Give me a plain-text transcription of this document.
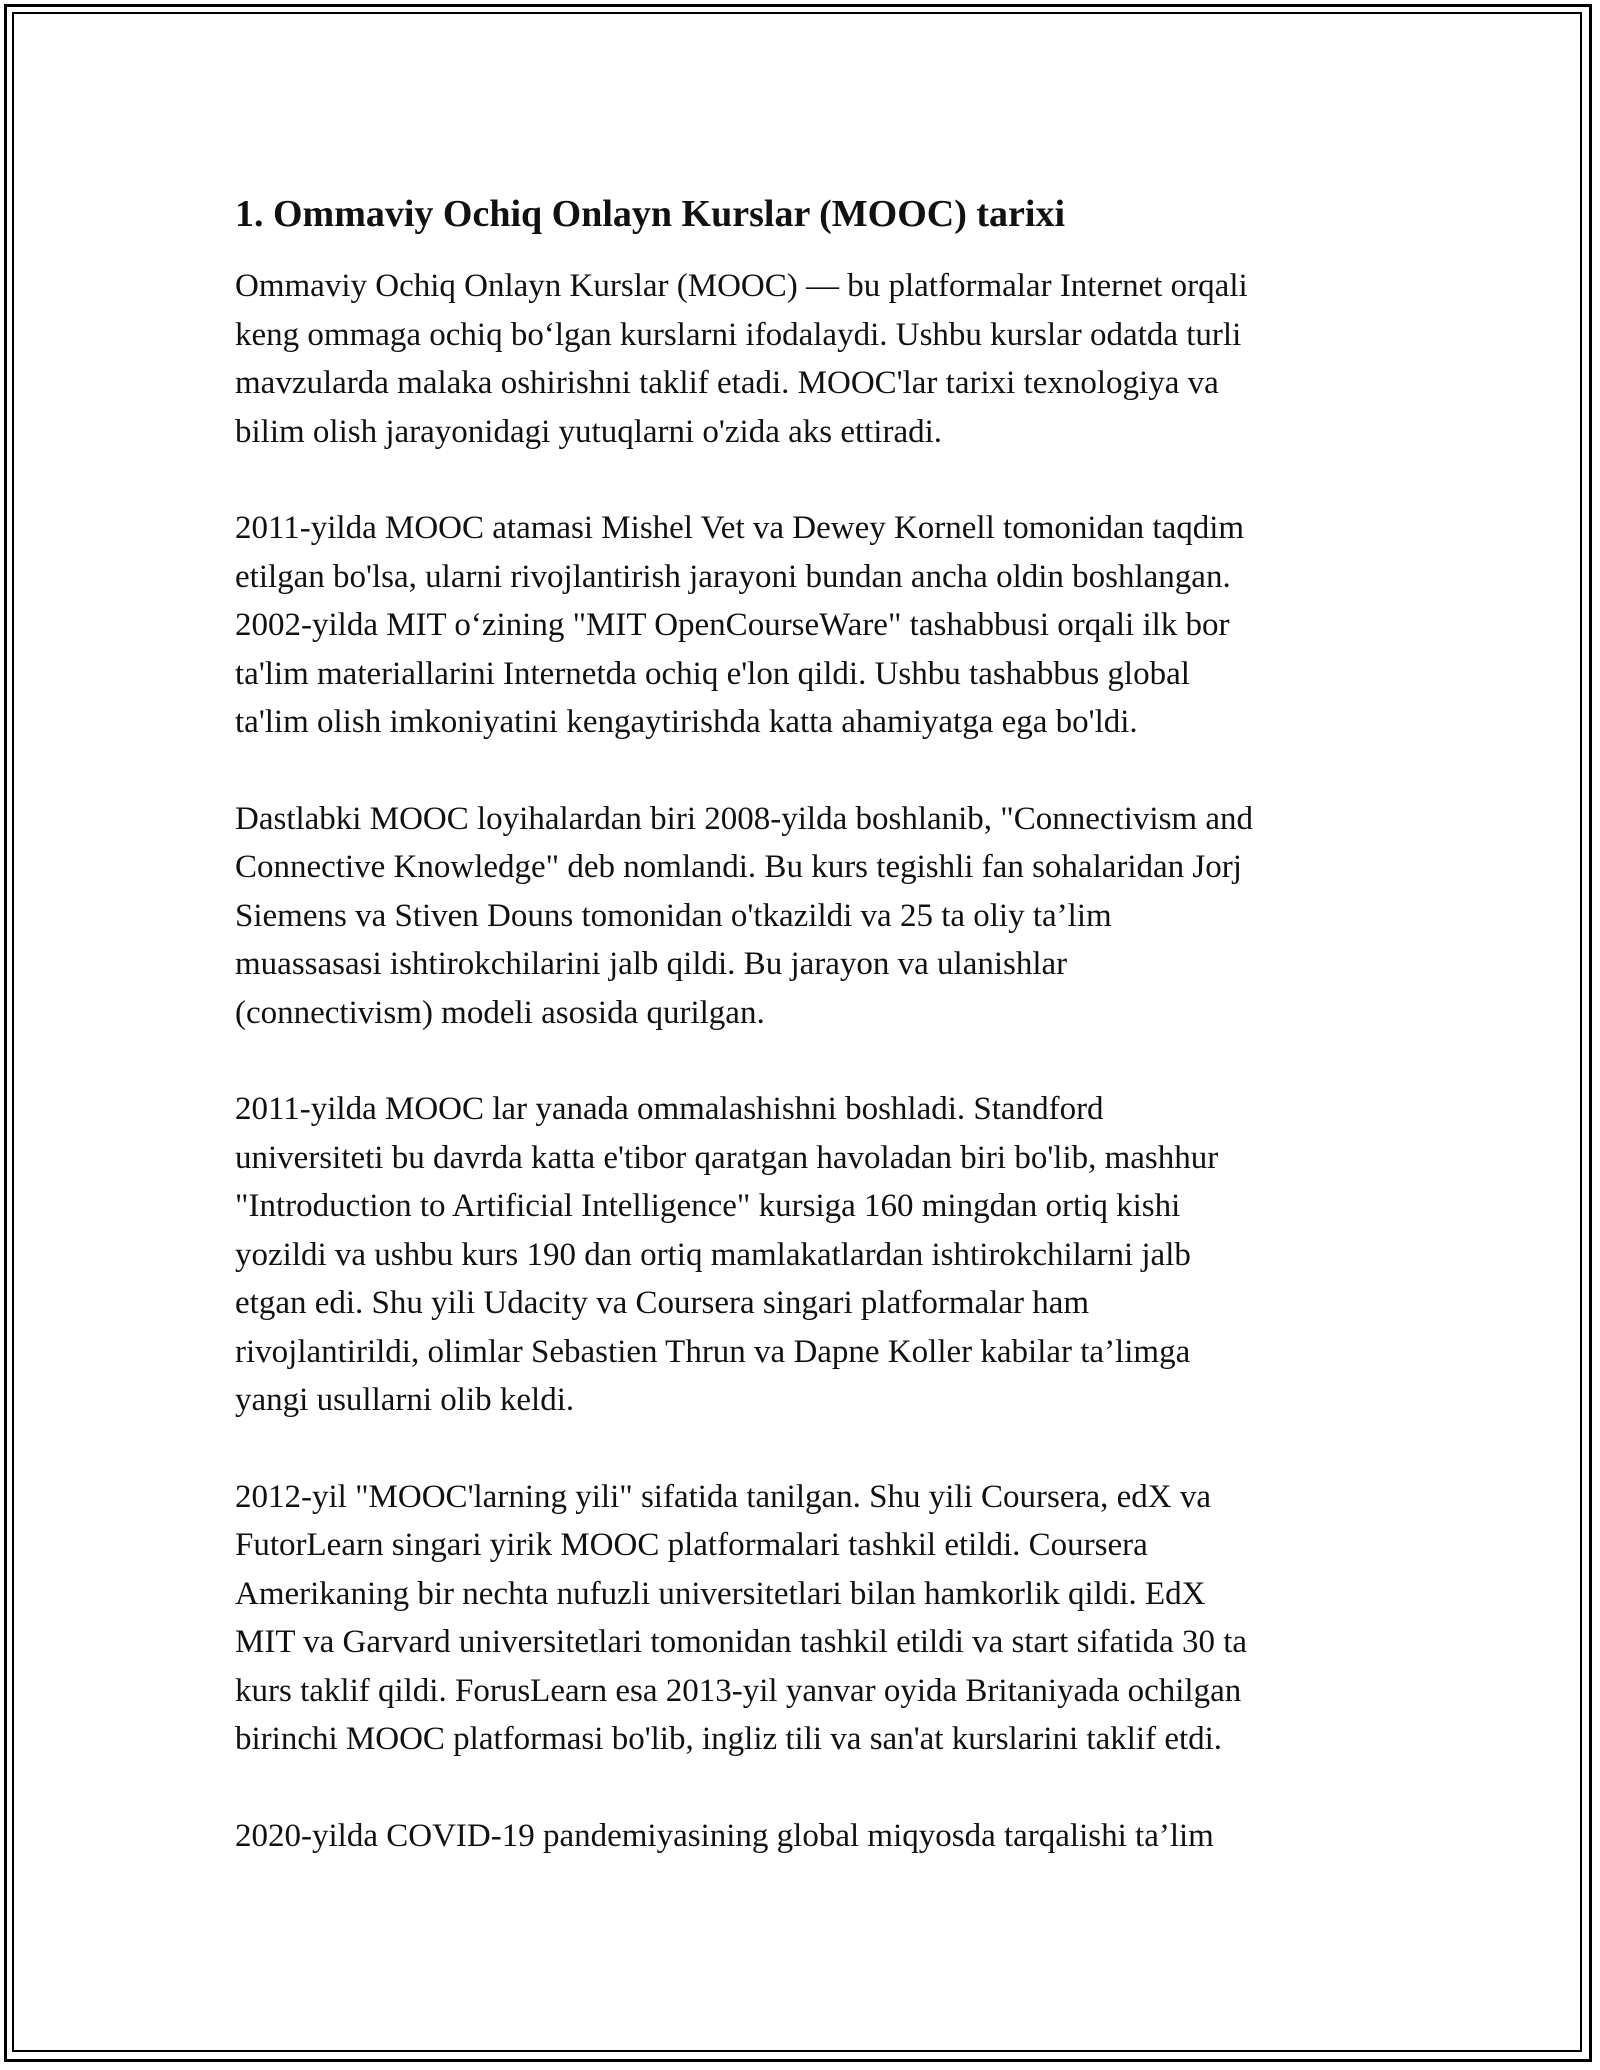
1. Ommaviy Ochiq Onlayn Kurslar (MOOC) tarixi

Ommaviy Ochiq Onlayn Kurslar (MOOC) — bu platformalar Internet orqali
keng ommaga ochiq bo‘lgan kurslarni ifodalaydi. Ushbu kurslar odatda turli
mavzularda malaka oshirishni taklif etadi. MOOC'lar tarixi texnologiya va
bilim olish jarayonidagi yutuqlarni o'zida aks ettiradi.

2011-yilda MOOC atamasi Mishel Vet va Dewey Kornell tomonidan taqdim
etilgan bo'lsa, ularni rivojlantirish jarayoni bundan ancha oldin boshlangan.
2002-yilda MIT o‘zining "MIT OpenCourseWare" tashabbusi orqali ilk bor
ta'lim materiallarini Internetda ochiq e'lon qildi. Ushbu tashabbus global
ta'lim olish imkoniyatini kengaytirishda katta ahamiyatga ega bo'ldi.

Dastlabki MOOC loyihalardan biri 2008-yilda boshlanib, "Connectivism and
Connective Knowledge" deb nomlandi. Bu kurs tegishli fan sohalaridan Jorj
Siemens va Stiven Douns tomonidan o'tkazildi va 25 ta oliy ta’lim
muassasasi ishtirokchilarini jalb qildi. Bu jarayon va ulanishlar
(connectivism) modeli asosida qurilgan.

2011-yilda MOOC lar yanada ommalashishni boshladi. Standford
universiteti bu davrda katta e'tibor qaratgan havoladan biri bo'lib, mashhur
"Introduction to Artificial Intelligence" kursiga 160 mingdan ortiq kishi
yozildi va ushbu kurs 190 dan ortiq mamlakatlardan ishtirokchilarni jalb
etgan edi. Shu yili Udacity va Coursera singari platformalar ham
rivojlantirildi, olimlar Sebastien Thrun va Dapne Koller kabilar ta’limga
yangi usullarni olib keldi.

2012-yil "MOOC'larning yili" sifatida tanilgan. Shu yili Coursera, edX va
FutorLearn singari yirik MOOC platformalari tashkil etildi. Coursera
Amerikaning bir nechta nufuzli universitetlari bilan hamkorlik qildi. EdX
MIT va Garvard universitetlari tomonidan tashkil etildi va start sifatida 30 ta
kurs taklif qildi. ForusLearn esa 2013-yil yanvar oyida Britaniyada ochilgan
birinchi MOOC platformasi bo'lib, ingliz tili va san'at kurslarini taklif etdi.

2020-yilda COVID-19 pandemiyasining global miqyosda tarqalishi ta’lim
